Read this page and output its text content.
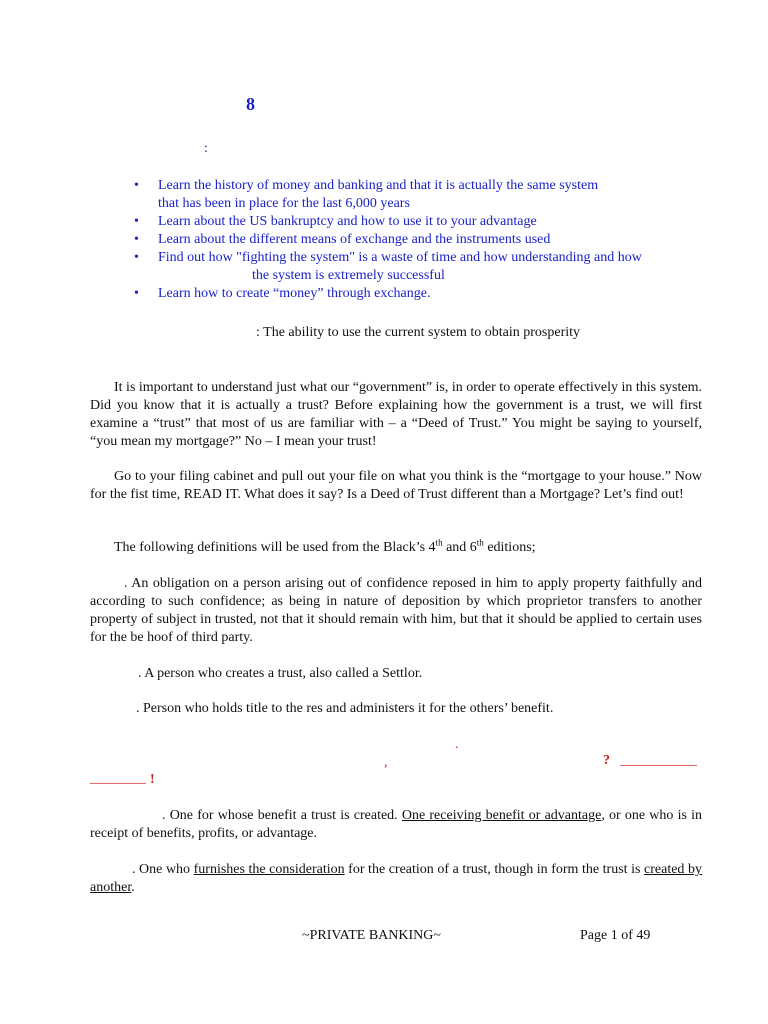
8
:
• Learn the history of money and banking and that it is actually the same system
that has been in place for the last 6,000 years
• Learn about the US bankruptcy and how to use it to your advantage
• Learn about the different means of exchange and the instruments used
• Find out how "fighting the system" is a waste of time and how understanding and how
the system is extremely successful
• Learn how to create “money” through exchange.
: The ability to use the current system to obtain prosperity

It is important to understand just what our “government” is, in order to operate effectively in this system. Did you know that it is actually a trust? Before explaining how the government is a trust, we will first examine a “trust” that most of us are familiar with – a “Deed of Trust.” You might be saying to yourself, “you mean my mortgage?” No – I mean your trust!

Go to your filing cabinet and pull out your file on what you think is the “mortgage to your house.” Now for the fist time, READ IT. What does it say? Is a Deed of Trust different than a Mortgage? Let’s find out!

The following definitions will be used from the Black’s 4th and 6th editions;

. An obligation on a person arising out of confidence reposed in him to apply property faithfully and according to such confidence; as being in nature of deposition by which proprietor transfers to another property of subject in trusted, not that it should remain with him, but that it should be applied to certain uses for the be hoof of third party.

. A person who creates a trust, also called a Settlor.

. Person who holds title to the res and administers it for the others’ benefit.

.
,	? ___________
________ !

. One for whose benefit a trust is created. One receiving benefit or advantage, or one who is in receipt of benefits, profits, or advantage.

. One who furnishes the consideration for the creation of a trust, though in form the trust is created by another.

~PRIVATE BANKING~	Page 1 of 49
